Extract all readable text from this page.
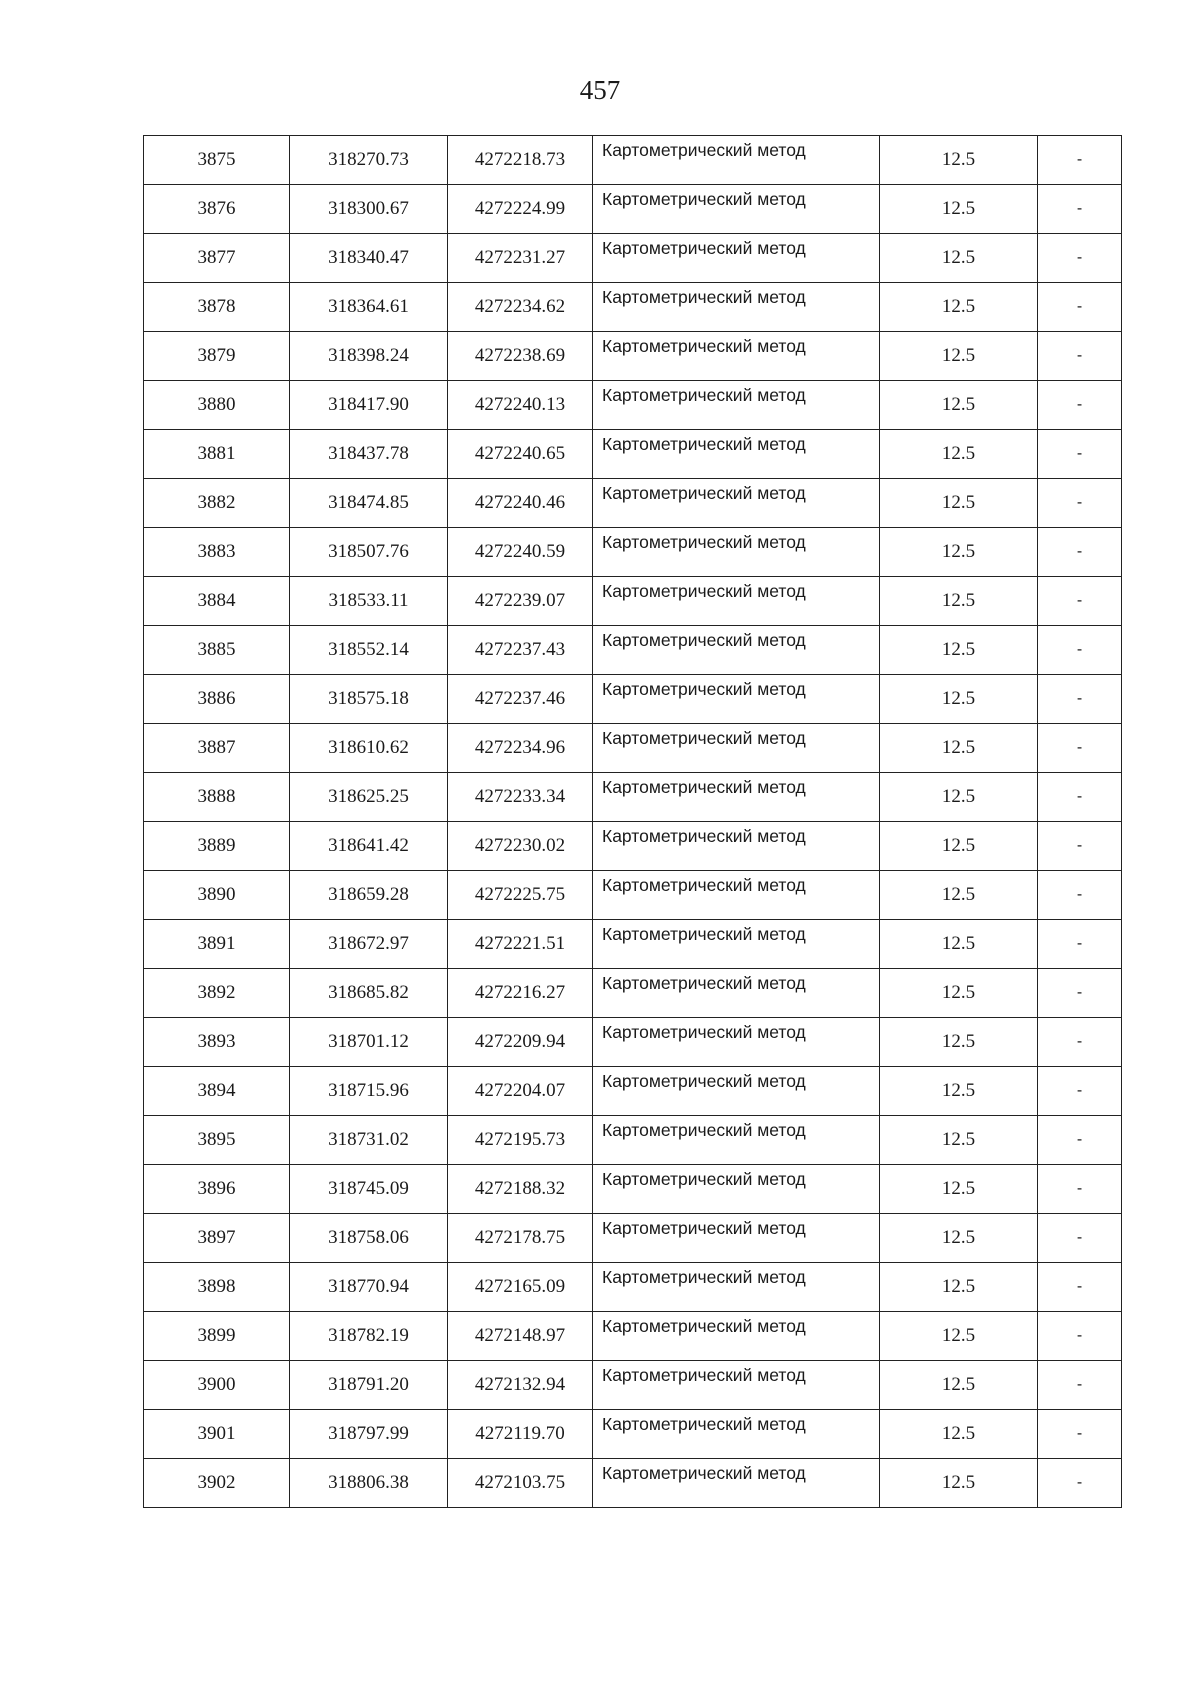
457
3875	318270.73	4272218.73	Картометрический метод	12.5	-
3876	318300.67	4272224.99	Картометрический метод	12.5	-
3877	318340.47	4272231.27	Картометрический метод	12.5	-
3878	318364.61	4272234.62	Картометрический метод	12.5	-
3879	318398.24	4272238.69	Картометрический метод	12.5	-
3880	318417.90	4272240.13	Картометрический метод	12.5	-
3881	318437.78	4272240.65	Картометрический метод	12.5	-
3882	318474.85	4272240.46	Картометрический метод	12.5	-
3883	318507.76	4272240.59	Картометрический метод	12.5	-
3884	318533.11	4272239.07	Картометрический метод	12.5	-
3885	318552.14	4272237.43	Картометрический метод	12.5	-
3886	318575.18	4272237.46	Картометрический метод	12.5	-
3887	318610.62	4272234.96	Картометрический метод	12.5	-
3888	318625.25	4272233.34	Картометрический метод	12.5	-
3889	318641.42	4272230.02	Картометрический метод	12.5	-
3890	318659.28	4272225.75	Картометрический метод	12.5	-
3891	318672.97	4272221.51	Картометрический метод	12.5	-
3892	318685.82	4272216.27	Картометрический метод	12.5	-
3893	318701.12	4272209.94	Картометрический метод	12.5	-
3894	318715.96	4272204.07	Картометрический метод	12.5	-
3895	318731.02	4272195.73	Картометрический метод	12.5	-
3896	318745.09	4272188.32	Картометрический метод	12.5	-
3897	318758.06	4272178.75	Картометрический метод	12.5	-
3898	318770.94	4272165.09	Картометрический метод	12.5	-
3899	318782.19	4272148.97	Картометрический метод	12.5	-
3900	318791.20	4272132.94	Картометрический метод	12.5	-
3901	318797.99	4272119.70	Картометрический метод	12.5	-
3902	318806.38	4272103.75	Картометрический метод	12.5	-
